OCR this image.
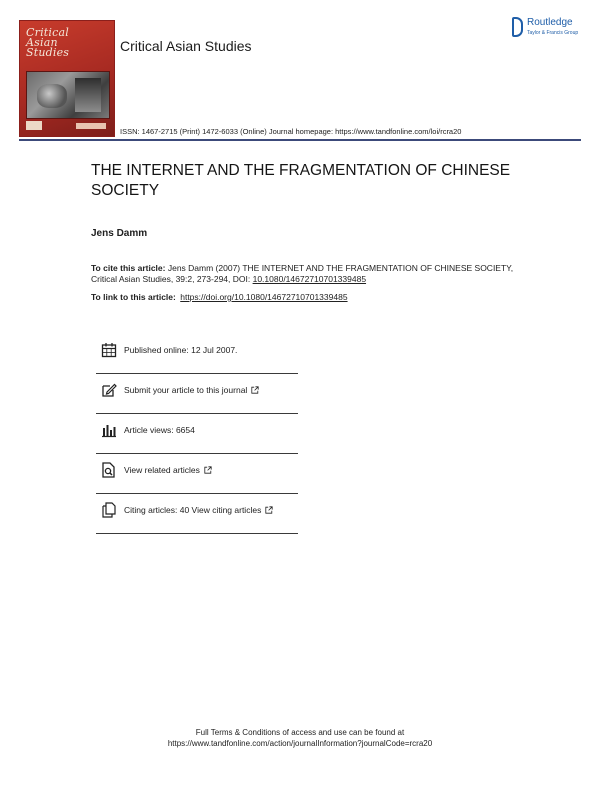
Critical
Asian
Studies	Critical Asian Studies
Routledge
Taylor & Francis Group
ISSN: 1467-2715 (Print) 1472-6033 (Online) Journal homepage: https://www.tandfonline.com/loi/rcra20
THE INTERNET AND THE FRAGMENTATION OF CHINESE SOCIETY
Jens Damm
To cite this article: Jens Damm (2007) THE INTERNET AND THE FRAGMENTATION OF CHINESE SOCIETY, Critical Asian Studies, 39:2, 273-294, DOI: 10.1080/14672710701339485
To link to this article: https://doi.org/10.1080/14672710701339485
Published online: 12 Jul 2007.
Submit your article to this journal
Article views: 6654
View related articles
Citing articles: 40 View citing articles
Full Terms & Conditions of access and use can be found at
https://www.tandfonline.com/action/journalInformation?journalCode=rcra20
